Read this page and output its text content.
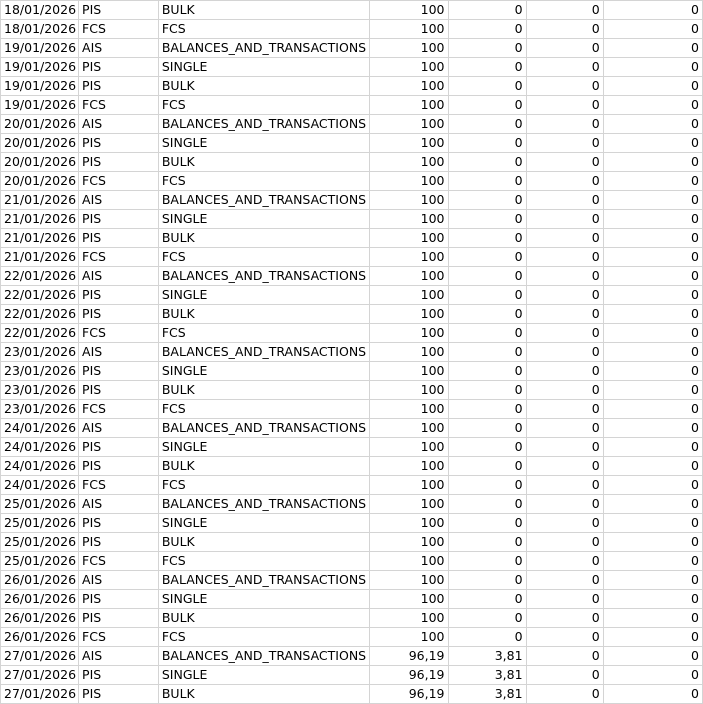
18/01/2026	PIS	BULK	100	0	0	0
18/01/2026	FCS	FCS	100	0	0	0
19/01/2026	AIS	BALANCES_AND_TRANSACTIONS	100	0	0	0
19/01/2026	PIS	SINGLE	100	0	0	0
19/01/2026	PIS	BULK	100	0	0	0
19/01/2026	FCS	FCS	100	0	0	0
20/01/2026	AIS	BALANCES_AND_TRANSACTIONS	100	0	0	0
20/01/2026	PIS	SINGLE	100	0	0	0
20/01/2026	PIS	BULK	100	0	0	0
20/01/2026	FCS	FCS	100	0	0	0
21/01/2026	AIS	BALANCES_AND_TRANSACTIONS	100	0	0	0
21/01/2026	PIS	SINGLE	100	0	0	0
21/01/2026	PIS	BULK	100	0	0	0
21/01/2026	FCS	FCS	100	0	0	0
22/01/2026	AIS	BALANCES_AND_TRANSACTIONS	100	0	0	0
22/01/2026	PIS	SINGLE	100	0	0	0
22/01/2026	PIS	BULK	100	0	0	0
22/01/2026	FCS	FCS	100	0	0	0
23/01/2026	AIS	BALANCES_AND_TRANSACTIONS	100	0	0	0
23/01/2026	PIS	SINGLE	100	0	0	0
23/01/2026	PIS	BULK	100	0	0	0
23/01/2026	FCS	FCS	100	0	0	0
24/01/2026	AIS	BALANCES_AND_TRANSACTIONS	100	0	0	0
24/01/2026	PIS	SINGLE	100	0	0	0
24/01/2026	PIS	BULK	100	0	0	0
24/01/2026	FCS	FCS	100	0	0	0
25/01/2026	AIS	BALANCES_AND_TRANSACTIONS	100	0	0	0
25/01/2026	PIS	SINGLE	100	0	0	0
25/01/2026	PIS	BULK	100	0	0	0
25/01/2026	FCS	FCS	100	0	0	0
26/01/2026	AIS	BALANCES_AND_TRANSACTIONS	100	0	0	0
26/01/2026	PIS	SINGLE	100	0	0	0
26/01/2026	PIS	BULK	100	0	0	0
26/01/2026	FCS	FCS	100	0	0	0
27/01/2026	AIS	BALANCES_AND_TRANSACTIONS	96,19	3,81	0	0
27/01/2026	PIS	SINGLE	96,19	3,81	0	0
27/01/2026	PIS	BULK	96,19	3,81	0	0
